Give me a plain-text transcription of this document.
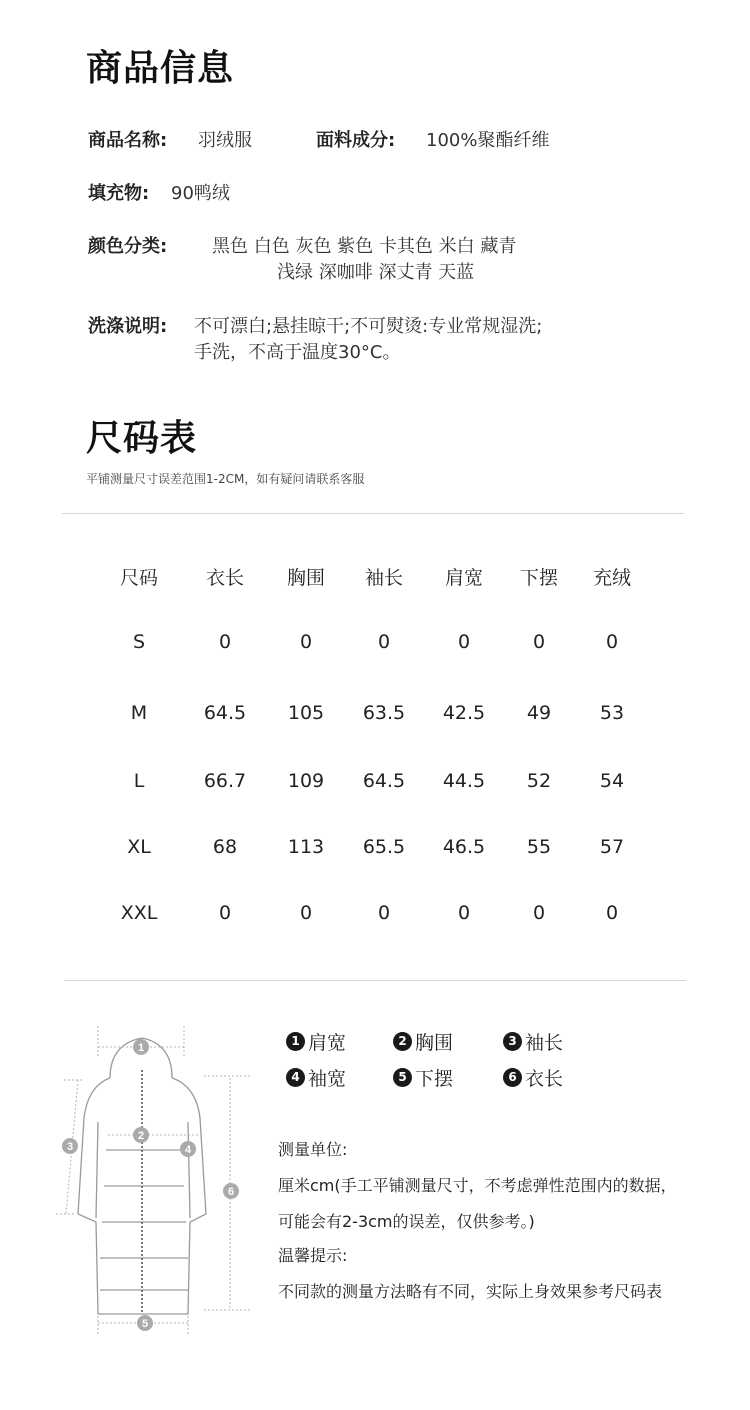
商品信息
商品名称: 羽绒服	面料成分: 100%聚酯纤维
填充物: 90鸭绒
颜色分类: 黑色 白色 灰色 紫色 卡其色 米白 藏青
浅绿 深咖啡 深丈青 天蓝
洗涤说明: 不可漂白;悬挂晾干;不可熨烫:专业常规湿洗;
手洗，不高于温度30°C。
尺码表
平铺测量尺寸误差范围1-2CM，如有疑问请联系客服
尺码	衣长	胸围	袖长	肩宽	下摆	充绒
S	0	0	0	0	0	0
M	64.5	105	63.5	42.5	49	53
L	66.7	109	64.5	44.5	52	54
XL	68	113	65.5	46.5	55	57
XXL	0	0	0	0	0	0
1
2
3	4
5
6
1 肩宽	2 胸围	3 袖长
4 袖宽	5 下摆	6 衣长
测量单位:
厘米cm(手工平铺测量尺寸，不考虑弹性范围内的数据，
可能会有2-3cm的误差，仅供参考。)
温馨提示:
不同款的测量方法略有不同，实际上身效果参考尺码表
